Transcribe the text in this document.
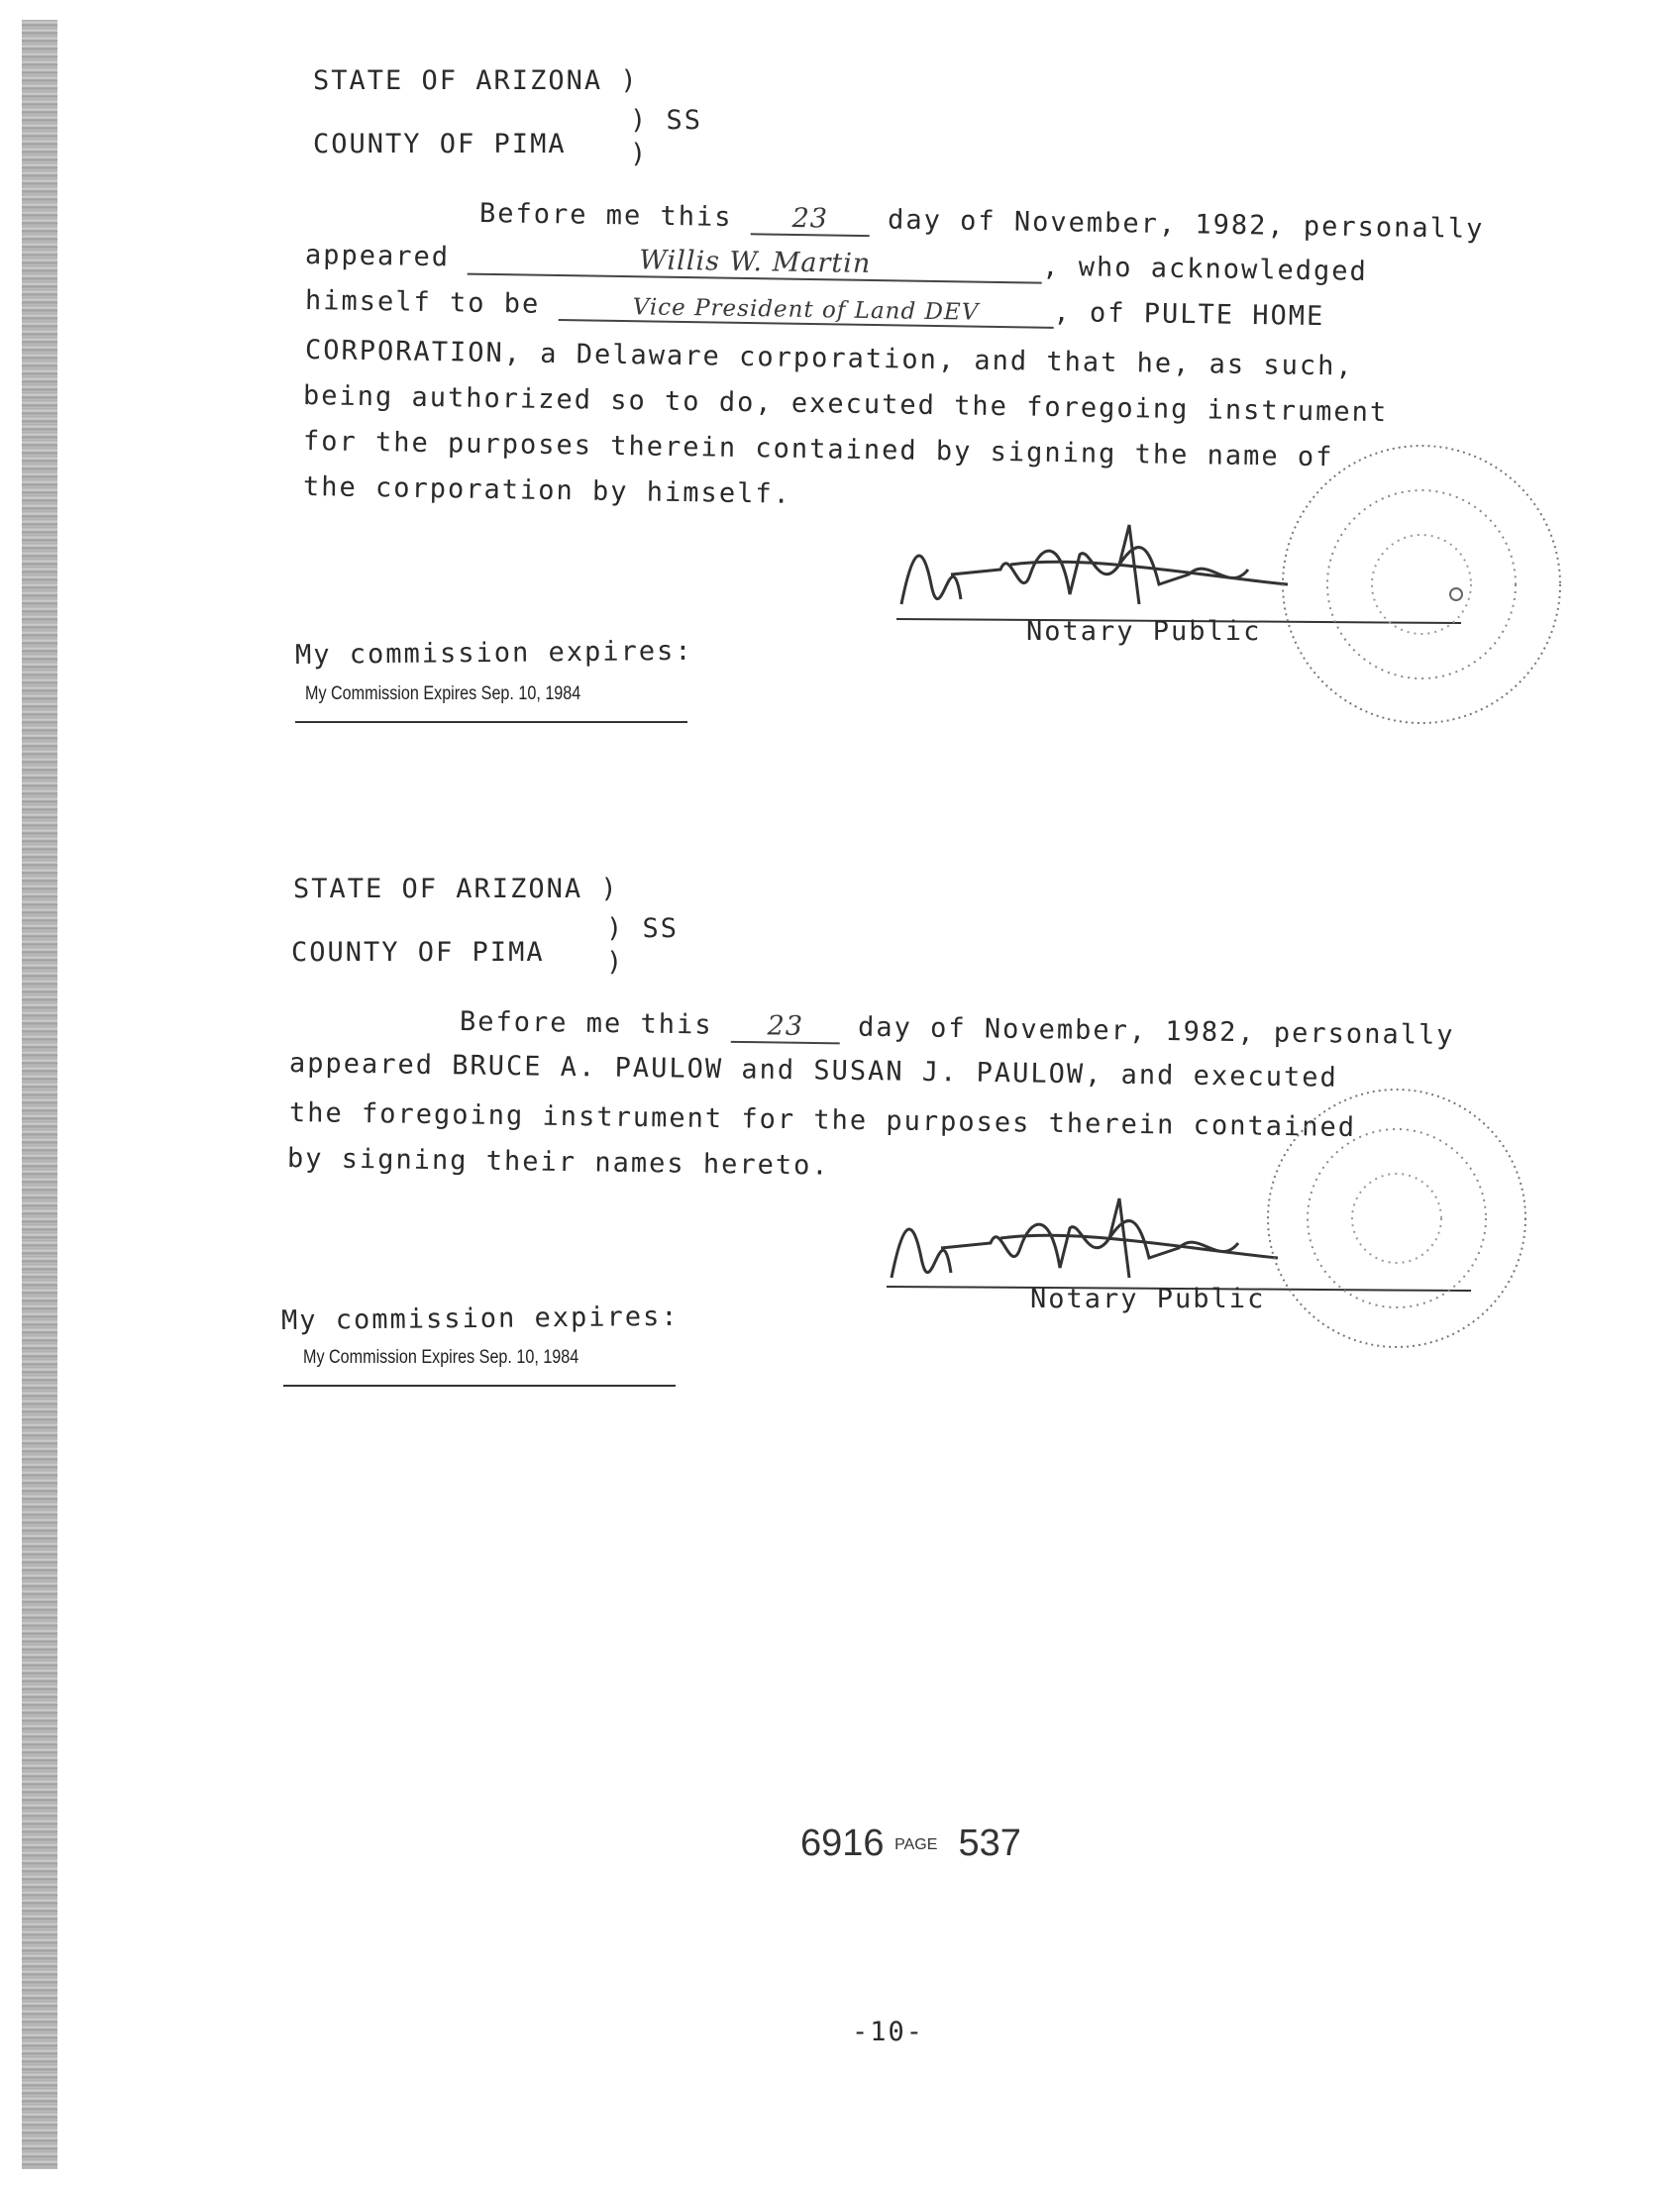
STATE OF ARIZONA )
) SS
COUNTY OF PIMA )
Before me this 23 day of November, 1982, personally
appeared	Willis W. Martin	, who acknowledged
himself to be	Vice President of Land DEV	, of PULTE HOME
CORPORATION, a Delaware corporation, and that he, as such,
being authorized so to do, executed the foregoing instrument
for the purposes therein contained by signing the name of
the corporation by himself.
Notary Public
My commission expires:
My Commission Expires Sep. 10, 1984
STATE OF ARIZONA )
) SS
COUNTY OF PIMA )
Before me this 23 day of November, 1982, personally
appeared BRUCE A. PAULOW and SUSAN J. PAULOW, and executed
the foregoing instrument for the purposes therein contained
by signing their names hereto.
Notary Public
My commission expires:
My Commission Expires Sep. 10, 1984
6916 PAGE 537
-10-
